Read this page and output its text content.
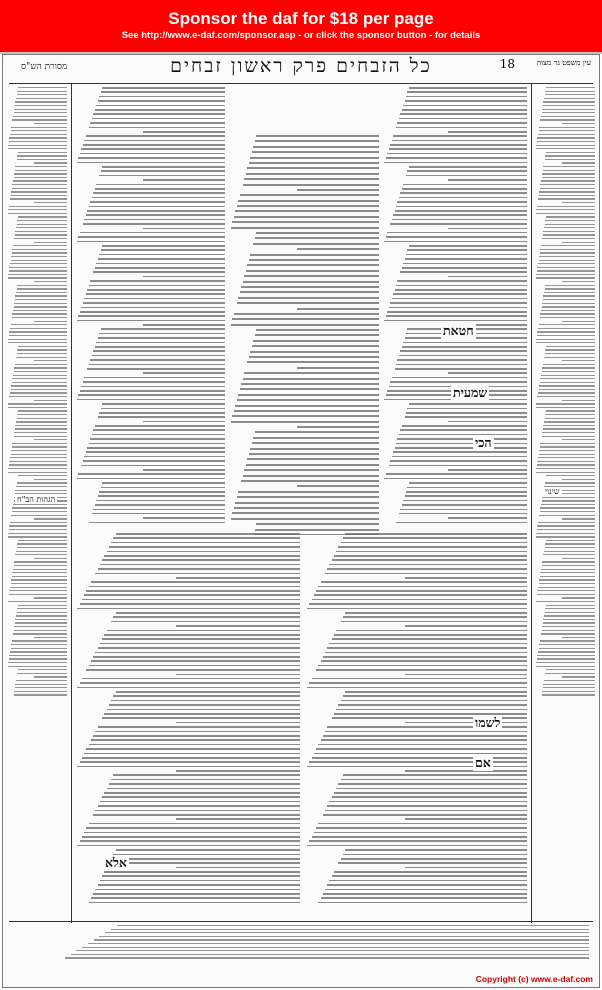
Sponsor the daf for $18 per page
See http://www.e-daf.com/sponsor.asp - or click the sponsor button - for details
מסורת הש"ס	כל הזבחים פרק ראשון זבחים	18	עין משפט נר מצוה
חטאת
שמעית
הכי
שינוי
הגהות הב"ח
לשמו
אם
אלא
Copyright (c) www.e-daf.com
